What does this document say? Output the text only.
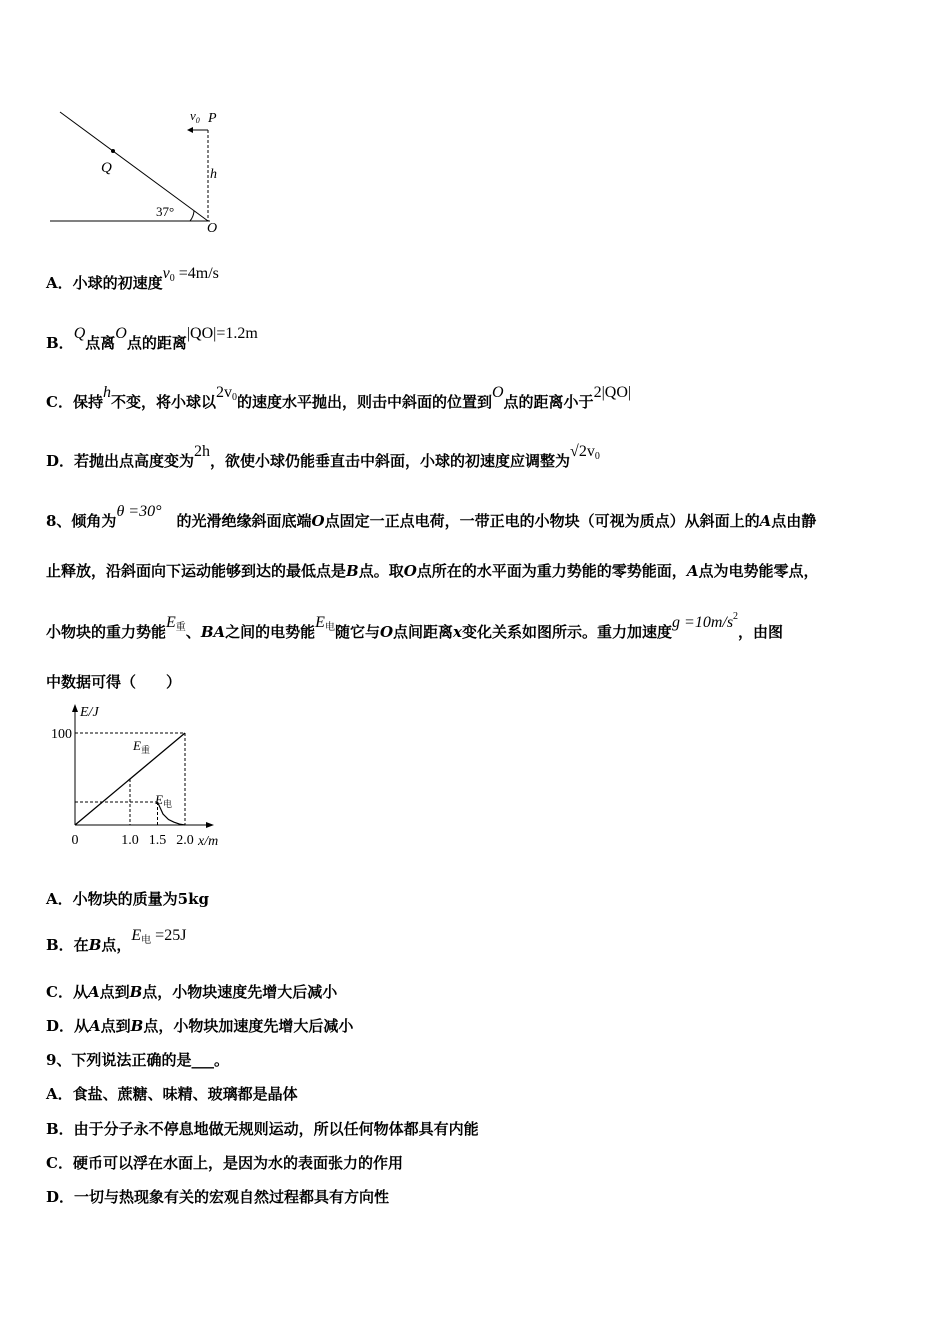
$v_0$ P
h
Q
37°
O
A．小球的初速度$v_0 =4m/s$
B．Q点离O点的距离|QO|=1.2m
C．保持h不变，将小球以$2v_0$的速度水平抛出，则击中斜面的位置到O点的距离小于2|QO|
D．若抛出点高度变为2h，欲使小球仍能垂直击中斜面，小球的初速度应调整为$√2v_0$
8、倾角为θ =30°　的光滑绝缘斜面底端O点固定一正点电荷，一带正电的小物块（可视为质点）从斜面上的A点由静
止释放，沿斜面向下运动能够到达的最低点是B点。取O点所在的水平面为重力势能的零势能面，A点为电势能零点，
小物块的重力势能$E_重$、BA之间的电势能$E_电$随它与O点间距离x变化关系如图所示。重力加速度$g =10m/s^2$，由图
中数据可得（　　）
E/J
x/m
$E_重$
$E_电$
0	1.0 1.5 2.0
100
A．小物块的质量为5kg
B．在B点，$E_电 =25J$
C．从A点到B点，小物块速度先增大后减小
D．从A点到B点，小物块加速度先增大后减小
9、下列说法正确的是___。
A．食盐、蔗糖、味精、玻璃都是晶体
B．由于分子永不停息地做无规则运动，所以任何物体都具有内能
C．硬币可以浮在水面上，是因为水的表面张力的作用
D．一切与热现象有关的宏观自然过程都具有方向性
